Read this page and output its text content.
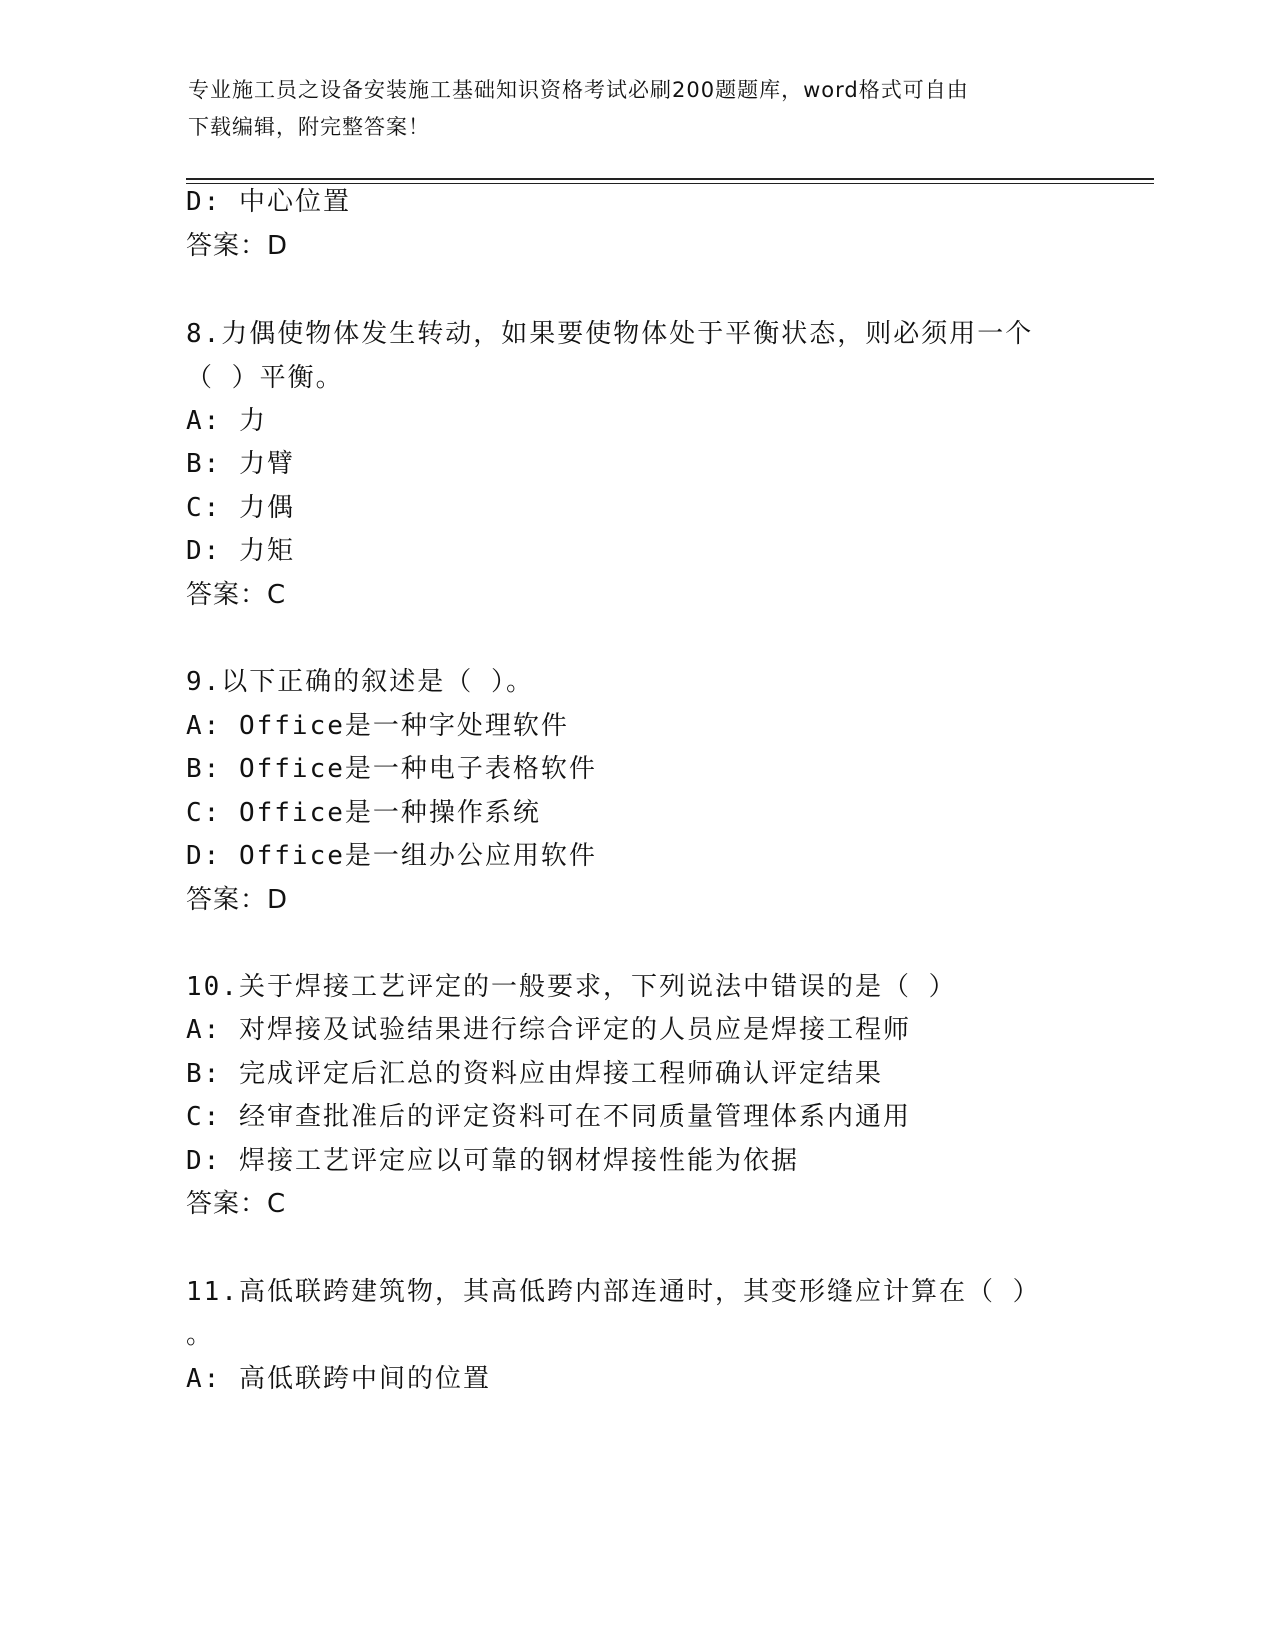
专业施工员之设备安装施工基础知识资格考试必刷200题题库，word格式可自由
下载编辑，附完整答案！
D: 中心位置
答案：D
8.力偶使物体发生转动，如果要使物体处于平衡状态，则必须用一个
（ ）平衡。
A: 力
B: 力臂
C: 力偶
D: 力矩
答案：C
9.以下正确的叙述是（ ）。
A: Office是一种字处理软件
B: Office是一种电子表格软件
C: Office是一种操作系统
D: Office是一组办公应用软件
答案：D
10.关于焊接工艺评定的一般要求，下列说法中错误的是（ ）
A: 对焊接及试验结果进行综合评定的人员应是焊接工程师
B: 完成评定后汇总的资料应由焊接工程师确认评定结果
C: 经审查批准后的评定资料可在不同质量管理体系内通用
D: 焊接工艺评定应以可靠的钢材焊接性能为依据
答案：C
11.高低联跨建筑物，其高低跨内部连通时，其变形缝应计算在（ ）
。
A: 高低联跨中间的位置
